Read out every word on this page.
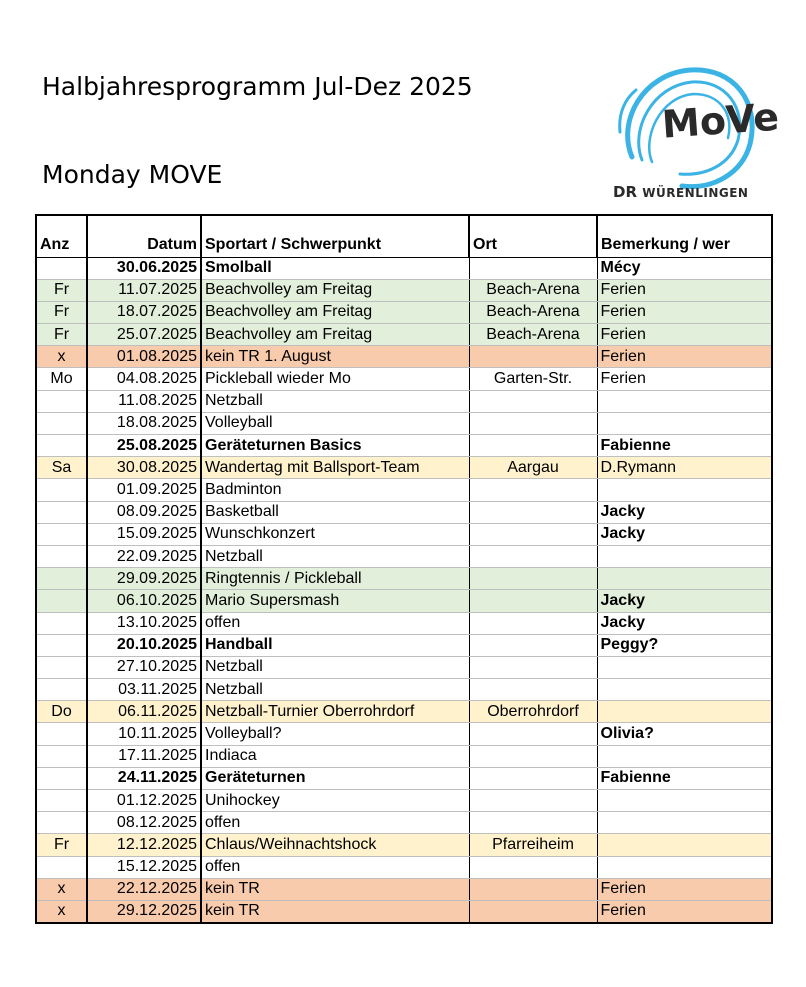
Halbjahresprogramm Jul-Dez 2025
Monday MOVE
MoVe
DR WÜRENLINGEN
Anz	Datum	Sportart / Schwerpunkt	Ort	Bemerkung / wer
	30.06.2025	Smolball		Mécy
Fr	11.07.2025	Beachvolley am Freitag	Beach-Arena	Ferien
Fr	18.07.2025	Beachvolley am Freitag	Beach-Arena	Ferien
Fr	25.07.2025	Beachvolley am Freitag	Beach-Arena	Ferien
x	01.08.2025	kein TR 1. August		Ferien
Mo	04.08.2025	Pickleball wieder Mo	Garten-Str.	Ferien
	11.08.2025	Netzball		
	18.08.2025	Volleyball		
	25.08.2025	Geräteturnen Basics		Fabienne
Sa	30.08.2025	Wandertag mit Ballsport-Team	Aargau	D.Rymann
	01.09.2025	Badminton		
	08.09.2025	Basketball		Jacky
	15.09.2025	Wunschkonzert		Jacky
	22.09.2025	Netzball		
	29.09.2025	Ringtennis / Pickleball		
	06.10.2025	Mario Supersmash		Jacky
	13.10.2025	offen		Jacky
	20.10.2025	Handball		Peggy?
	27.10.2025	Netzball		
	03.11.2025	Netzball		
Do	06.11.2025	Netzball-Turnier Oberrohrdorf	Oberrohrdorf	
	10.11.2025	Volleyball?		Olivia?
	17.11.2025	Indiaca		
	24.11.2025	Geräteturnen		Fabienne
	01.12.2025	Unihockey		
	08.12.2025	offen		
Fr	12.12.2025	Chlaus/Weihnachtshock	Pfarreiheim	
	15.12.2025	offen		
x	22.12.2025	kein TR		Ferien
x	29.12.2025	kein TR		Ferien
